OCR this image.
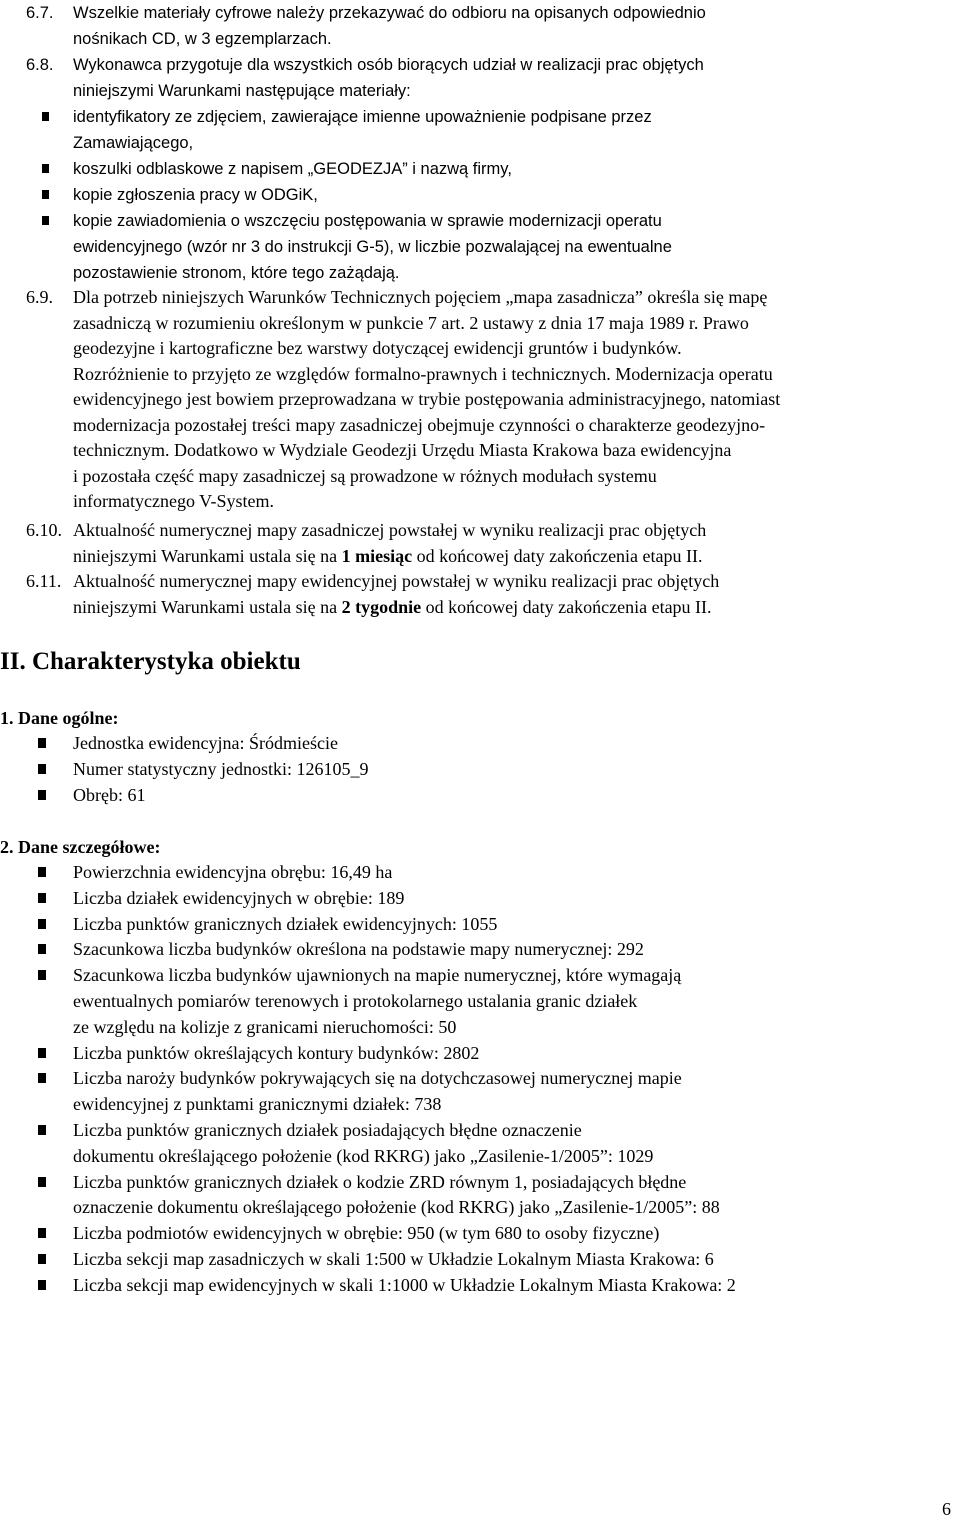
6.7. Wszelkie materiały cyfrowe należy przekazywać do odbioru na opisanych odpowiednio
nośnikach CD, w 3 egzemplarzach.
6.8. Wykonawca przygotuje dla wszystkich osób biorących udział w realizacji prac objętych
niniejszymi Warunkami następujące materiały:
identyfikatory ze zdjęciem, zawierające imienne upoważnienie podpisane przez
Zamawiającego,
koszulki odblaskowe z napisem „GEODEZJA” i nazwą firmy,
kopie zgłoszenia pracy w ODGiK,
kopie zawiadomienia o wszczęciu postępowania w sprawie modernizacji operatu
ewidencyjnego (wzór nr 3 do instrukcji G-5), w liczbie pozwalającej na ewentualne
pozostawienie stronom, które tego zażądają.
6.9. Dla potrzeb niniejszych Warunków Technicznych pojęciem „mapa zasadnicza” określa się mapę
zasadniczą w rozumieniu określonym w punkcie 7 art. 2 ustawy z dnia 17 maja 1989 r. Prawo
geodezyjne i kartograficzne bez warstwy dotyczącej ewidencji gruntów i budynków.
Rozróżnienie to przyjęto ze względów formalno-prawnych i technicznych. Modernizacja operatu
ewidencyjnego jest bowiem przeprowadzana w trybie postępowania administracyjnego, natomiast
modernizacja pozostałej treści mapy zasadniczej obejmuje czynności o charakterze geodezyjno-
technicznym. Dodatkowo w Wydziale Geodezji Urzędu Miasta Krakowa baza ewidencyjna
i pozostała część mapy zasadniczej są prowadzone w różnych modułach systemu
informatycznego V-System.
6.10. Aktualność numerycznej mapy zasadniczej powstałej w wyniku realizacji prac objętych
niniejszymi Warunkami ustala się na 1 miesiąc od końcowej daty zakończenia etapu II.
6.11. Aktualność numerycznej mapy ewidencyjnej powstałej w wyniku realizacji prac objętych
niniejszymi Warunkami ustala się na 2 tygodnie od końcowej daty zakończenia etapu II.
II. Charakterystyka obiektu
1. Dane ogólne:
Jednostka ewidencyjna: Śródmieście
Numer statystyczny jednostki: 126105_9
Obręb: 61
2. Dane szczegółowe:
Powierzchnia ewidencyjna obrębu: 16,49 ha
Liczba działek ewidencyjnych w obrębie: 189
Liczba punktów granicznych działek ewidencyjnych: 1055
Szacunkowa liczba budynków określona na podstawie mapy numerycznej: 292
Szacunkowa liczba budynków ujawnionych na mapie numerycznej, które wymagają
ewentualnych pomiarów terenowych i protokolarnego ustalania granic działek
ze względu na kolizje z granicami nieruchomości: 50
Liczba punktów określających kontury budynków: 2802
Liczba naroży budynków pokrywających się na dotychczasowej numerycznej mapie
ewidencyjnej z punktami granicznymi działek: 738
Liczba punktów granicznych działek posiadających błędne oznaczenie
dokumentu określającego położenie (kod RKRG) jako „Zasilenie-1/2005”: 1029
Liczba punktów granicznych działek o kodzie ZRD równym 1, posiadających błędne
oznaczenie dokumentu określającego położenie (kod RKRG) jako „Zasilenie-1/2005”: 88
Liczba podmiotów ewidencyjnych w obrębie: 950 (w tym 680 to osoby fizyczne)
Liczba sekcji map zasadniczych w skali 1:500 w Układzie Lokalnym Miasta Krakowa: 6
Liczba sekcji map ewidencyjnych w skali 1:1000 w Układzie Lokalnym Miasta Krakowa: 2
6
